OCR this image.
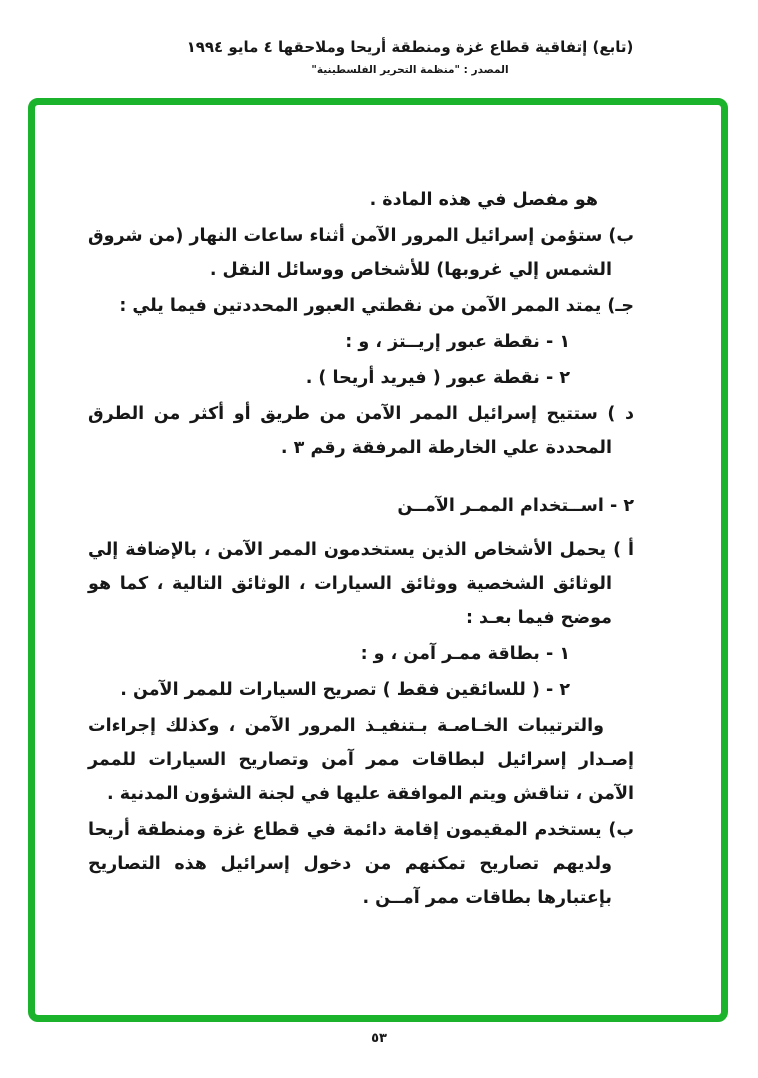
(تابع) إتفاقية قطاع غزة ومنطقة أريحا وملاحقها ٤ مايو ١٩٩٤
المصدر : "منظمة التحرير الفلسطينية"

هو مفصل في هذه المادة .

ب) ستؤمن إسرائيل المرور الآمن أثناء ساعات النهار (من شروق الشمس إلي غروبها) للأشخاص ووسائل النقل .

جـ) يمتد الممر الآمن من نقطتي العبور المحددتين فيما يلي :

١ - نقطة عبور إريــتز ، و :

٢ - نقطة عبور ( فيريد أريحا ) .

د ) ستتيح إسرائيل الممر الآمن من طريق أو أكثر من الطرق المحددة علي الخارطة المرفقة رقم ٣ .

٢ - اســتخدام الممـر الآمــن

أ ) يحمل الأشخاص الذين يستخدمون الممر الآمن ، بالإضافة إلي الوثائق الشخصية ووثائق السيارات ، الوثائق التالية ، كما هو موضح فيما بعـد :

١ - بطاقة ممـر آمن ، و :

٢ - ( للسائقين فقط ) تصريح السيارات للممر الآمن .

والترتيبات الخـاصـة بـتنفيـذ المرور الآمن ، وكذلك إجراءات إصـدار إسرائيل لبطاقات ممر آمن وتصاريح السيارات للممر الآمن ، تناقش ويتم الموافقة عليها في لجنة الشؤون المدنية .

ب) يستخدم المقيمون إقامة دائمة في قطاع غزة ومنطقة أريحا ولديهم تصاريح تمكنهم من دخول إسرائيل هذه التصاريح بإعتبارها بطاقات ممر آمــن .

٥٣
